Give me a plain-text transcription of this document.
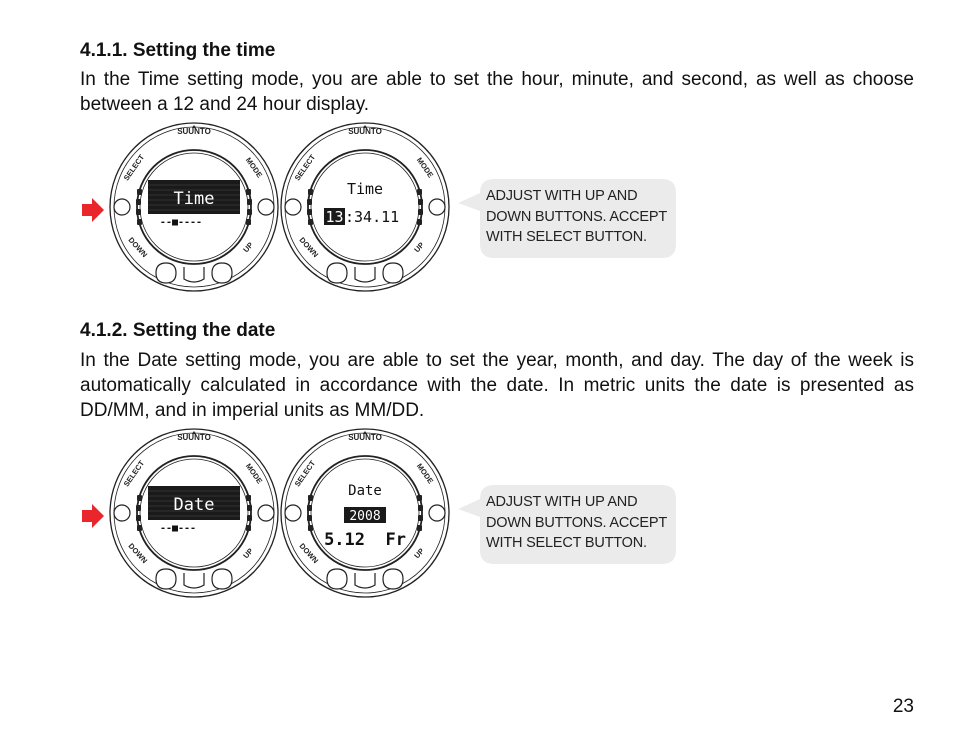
4.1.1. Setting the time

In the Time setting mode, you are able to set the hour, minute, and second, as well as choose between a 12 and 24 hour display.

SUUNTO
SELECT	MODE
DOWN	UP
Time
--■----
SUUNTO
SELECT	MODE
DOWN	UP
Time
13 :34.11
ADJUST WITH UP AND
DOWN BUTTONS. ACCEPT
WITH SELECT BUTTON.
4.1.2. Setting the date

In the Date setting mode, you are able to set the year, month, and day. The day of the week is automatically calculated in accordance with the date. In metric units the date is presented as DD/MM, and in imperial units as MM/DD.

SUUNTO
SELECT	MODE
DOWN	UP
Date
--■---
SUUNTO
SELECT	MODE
DOWN	UP
Date
2008
5.12  Fr
ADJUST WITH UP AND
DOWN BUTTONS. ACCEPT
WITH SELECT BUTTON.
23
